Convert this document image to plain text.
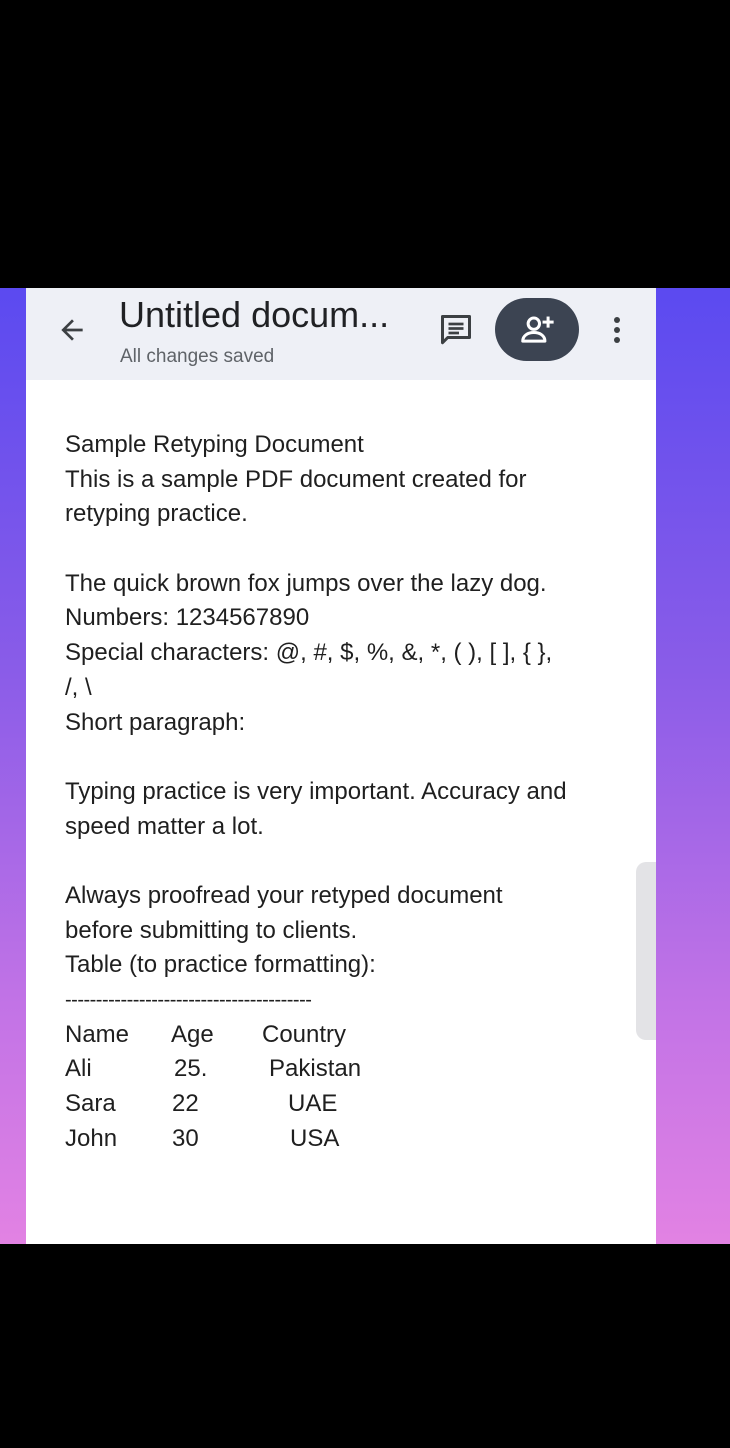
Untitled docum...
All changes saved
Sample Retyping Document
This is a sample PDF document created for
retyping practice.
The quick brown fox jumps over the lazy dog.
Numbers: 1234567890
Special characters: @, #, $, %, &, *, ( ), [ ], { },
/, \
Short paragraph:
Typing practice is very important. Accuracy and
speed matter a lot.
Always proofread your retyped document
before submitting to clients.
Table (to practice formatting):
----------------------------------------
Name Age Country
Ali	25.	Pakistan
Sara 22	UAE
John 30	USA
